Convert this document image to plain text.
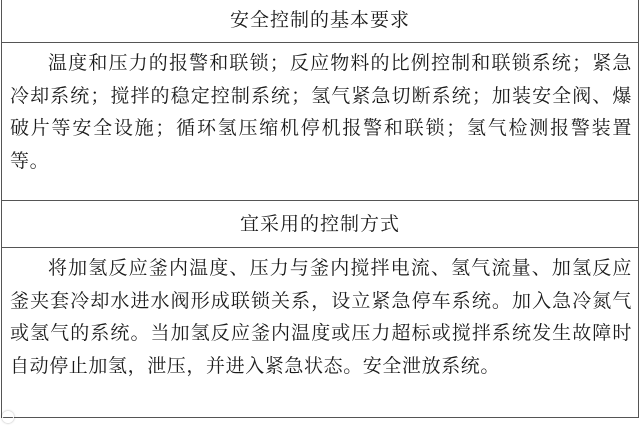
安全控制的基本要求
温度和压力的报警和联锁；反应物料的比例控制和联锁系统；紧急冷却系统；搅拌的稳定控制系统；氢气紧急切断系统；加装安全阀、爆破片等安全设施；循环氢压缩机停机报警和联锁；氢气检测报警装置等。
宜采用的控制方式
将加氢反应釜内温度、压力与釜内搅拌电流、氢气流量、加氢反应釜夹套冷却水进水阀形成联锁关系，设立紧急停车系统。加入急冷氮气或氢气的系统。当加氢反应釜内温度或压力超标或搅拌系统发生故障时自动停止加氢，泄压，并进入紧急状态。安全泄放系统。
